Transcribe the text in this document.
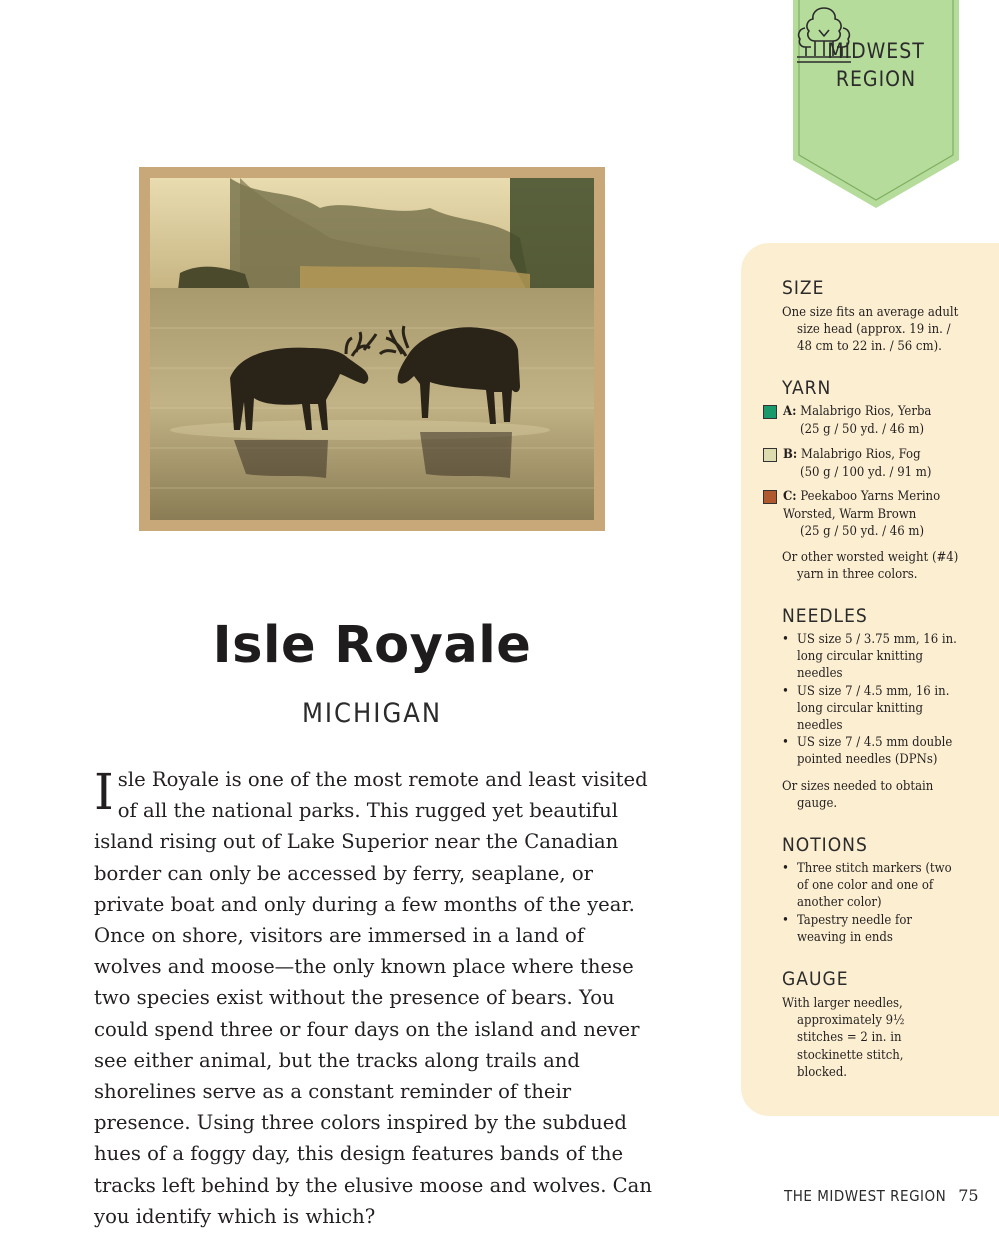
MIDWEST
REGION
Isle Royale
MICHIGAN
I sle Royale is one of the most remote and least visited of all the national parks. This rugged yet beautiful island rising out of Lake Superior near the Canadian border can only be accessed by ferry, seaplane, or private boat and only during a few months of the year. Once on shore, visitors are immersed in a land of wolves and moose—the only known place where these two species exist without the presence of bears. You could spend three or four days on the island and never see either animal, but the tracks along trails and shorelines serve as a constant reminder of their presence. Using three colors inspired by the subdued hues of a foggy day, this design features bands of the tracks left behind by the elusive moose and wolves. Can you identify which is which?

SIZE
One size fits an average adult size head (approx. 19 in. / 48 cm to 22 in. / 56 cm).
YARN
A: Malabrigo Rios, Yerba
(25 g / 50 yd. / 46 m)
B: Malabrigo Rios, Fog
(50 g / 100 yd. / 91 m)
C: Peekaboo Yarns Merino Worsted, Warm Brown
(25 g / 50 yd. / 46 m)
Or other worsted weight (#4) yarn in three colors.
NEEDLES
• US size 5 / 3.75 mm, 16 in. long circular knitting needles
• US size 7 / 4.5 mm, 16 in. long circular knitting needles
• US size 7 / 4.5 mm double pointed needles (DPNs)
Or sizes needed to obtain gauge.
NOTIONS
• Three stitch markers (two of one color and one of another color)
• Tapestry needle for weaving in ends
GAUGE
With larger needles, approximately 9½ stitches = 2 in. in stockinette stitch, blocked.
THE MIDWEST REGION 75
